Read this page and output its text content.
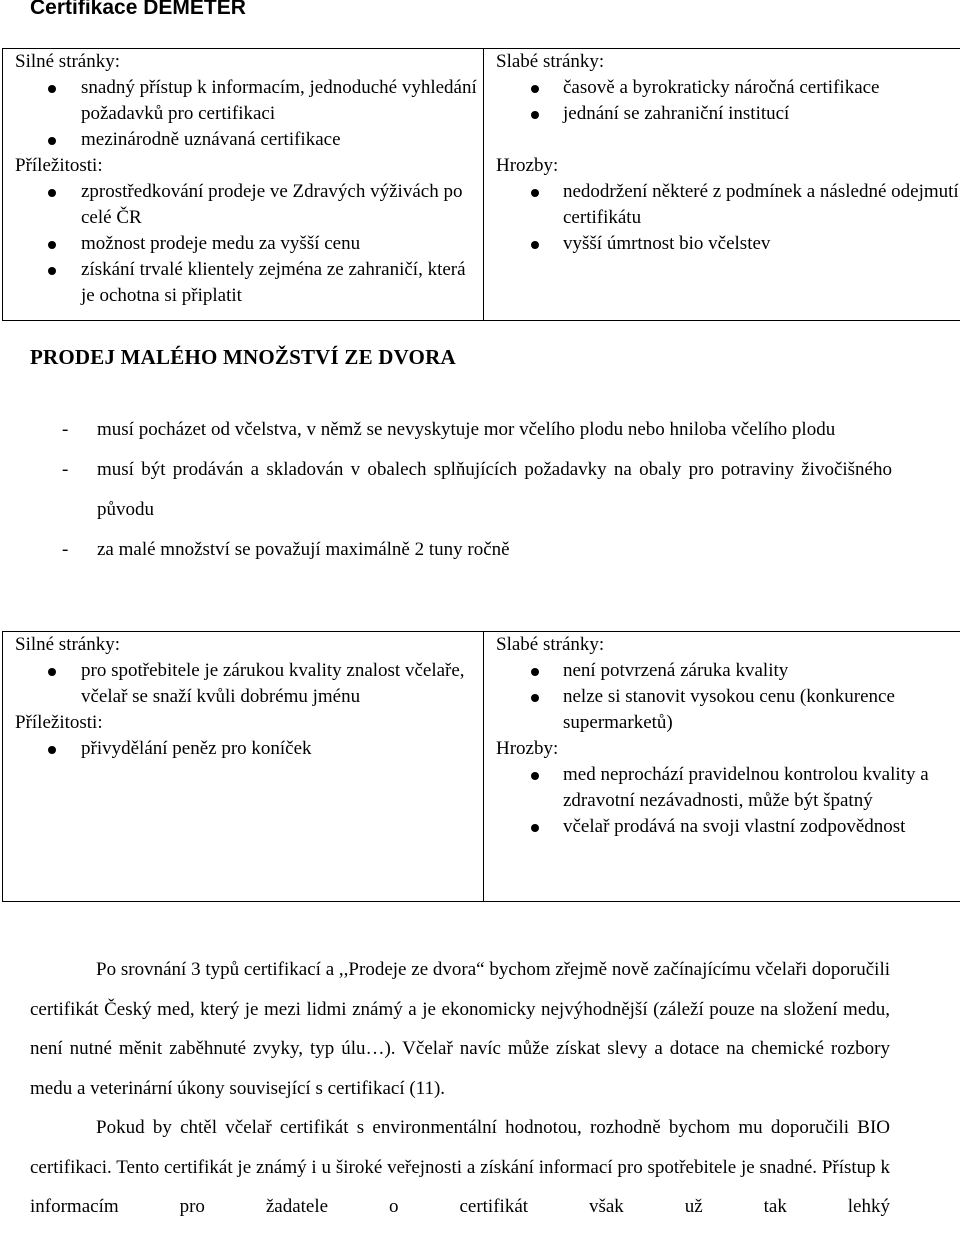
Certifikace DEMETER
Silné stránky:
snadný přístup k informacím, jednoduché vyhledání požadavků pro certifikaci
mezinárodně uznávaná certifikace
Příležitosti:
zprostředkování prodeje ve Zdravých výživách po celé ČR
možnost prodeje medu za vyšší cenu
získání trvalé klientely zejména ze zahraničí, která je ochotna si připlatit

Slabé stránky:
časově a byrokraticky náročná certifikace
jednání se zahraniční institucí
Hrozby:
nedodržení některé z podmínek a následné odejmutí certifikátu
vyšší úmrtnost bio včelstev
PRODEJ MALÉHO MNOŽSTVÍ ZE DVORA
- musí pocházet od včelstva, v němž se nevyskytuje mor včelího plodu nebo hniloba včelího plodu
- musí být prodáván a skladován v obalech splňujících požadavky na obaly pro potraviny živočišného původu
- za malé množství se považují maximálně 2 tuny ročně
Silné stránky:
pro spotřebitele je zárukou kvality znalost včelaře, včelař se snaží kvůli dobrému jménu
Příležitosti:
přivydělání peněz pro koníček

Slabé stránky:
není potvrzená záruka kvality
nelze si stanovit vysokou cenu (konkurence supermarketů)
Hrozby:
med neprochází pravidelnou kontrolou kvality a zdravotní nezávadnosti, může být špatný
včelař prodává na svoji vlastní zodpovědnost

Po srovnání 3 typů certifikací a ,,Prodeje ze dvora“ bychom zřejmě nově začínajícímu včelaři doporučili certifikát Český med, který je mezi lidmi známý a je ekonomicky nejvýhodnější (záleží pouze na složení medu, není nutné měnit zaběhnuté zvyky, typ úlu…). Včelař navíc může získat slevy a dotace na chemické rozbory medu a veterinární úkony související s certifikací (11).

Pokud by chtěl včelař certifikát s environmentální hodnotou, rozhodně bychom mu doporučili BIO certifikaci. Tento certifikát je známý i u široké veřejnosti a získání informací pro spotřebitele je snadné. Přístup k informacím pro žadatele o certifikát však už tak lehký
